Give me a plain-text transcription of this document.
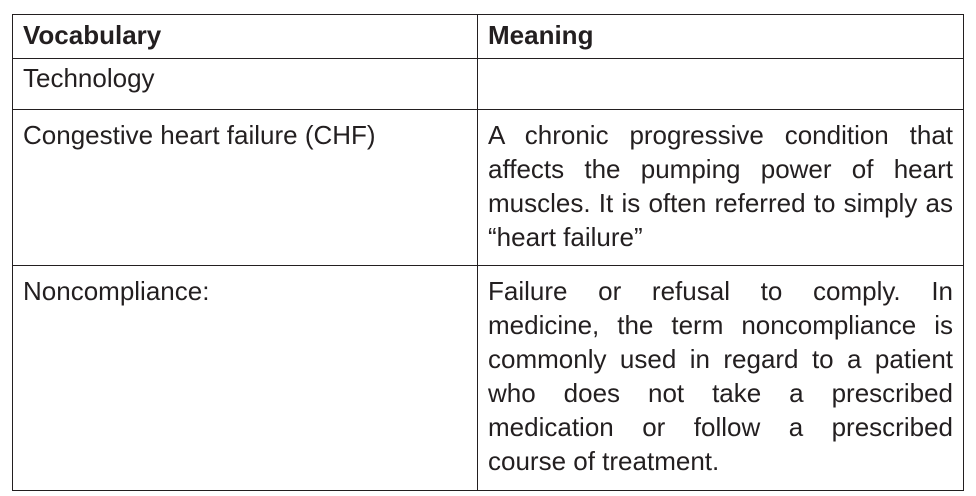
Vocabulary	Meaning
Technology	
Congestive heart failure (CHF)	A chronic progressive condition that affects the pumping power of heart muscles. It is often referred to simply as “heart failure”
Noncompliance:	Failure or refusal to comply. In medicine, the term noncompliance is commonly used in regard to a patient who does not take a prescribed medication or follow a prescribed course of treatment.
